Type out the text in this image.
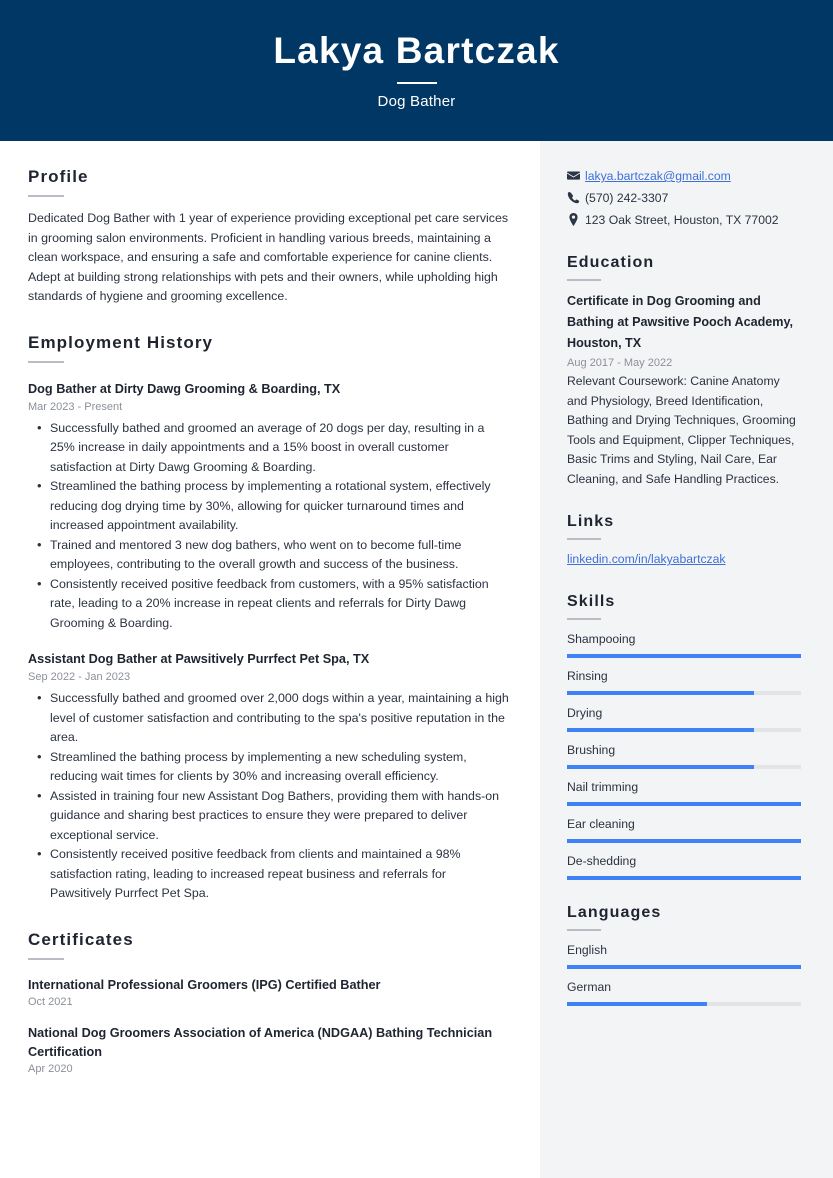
Lakya Bartczak
Dog Bather
Profile
Dedicated Dog Bather with 1 year of experience providing exceptional pet care services in grooming salon environments. Proficient in handling various breeds, maintaining a clean workspace, and ensuring a safe and comfortable experience for canine clients. Adept at building strong relationships with pets and their owners, while upholding high standards of hygiene and grooming excellence.
Employment History
Dog Bather at Dirty Dawg Grooming & Boarding, TX
Mar 2023 - Present
• Successfully bathed and groomed an average of 20 dogs per day, resulting in a 25% increase in daily appointments and a 15% boost in overall customer satisfaction at Dirty Dawg Grooming & Boarding.
• Streamlined the bathing process by implementing a rotational system, effectively reducing dog drying time by 30%, allowing for quicker turnaround times and increased appointment availability.
• Trained and mentored 3 new dog bathers, who went on to become full-time employees, contributing to the overall growth and success of the business.
• Consistently received positive feedback from customers, with a 95% satisfaction rate, leading to a 20% increase in repeat clients and referrals for Dirty Dawg Grooming & Boarding.
Assistant Dog Bather at Pawsitively Purrfect Pet Spa, TX
Sep 2022 - Jan 2023
• Successfully bathed and groomed over 2,000 dogs within a year, maintaining a high level of customer satisfaction and contributing to the spa's positive reputation in the area.
• Streamlined the bathing process by implementing a new scheduling system, reducing wait times for clients by 30% and increasing overall efficiency.
• Assisted in training four new Assistant Dog Bathers, providing them with hands-on guidance and sharing best practices to ensure they were prepared to deliver exceptional service.
• Consistently received positive feedback from clients and maintained a 98% satisfaction rating, leading to increased repeat business and referrals for Pawsitively Purrfect Pet Spa.
Certificates
International Professional Groomers (IPG) Certified Bather
Oct 2021
National Dog Groomers Association of America (NDGAA) Bathing Technician Certification
Apr 2020
lakya.bartczak@gmail.com
(570) 242-3307
123 Oak Street, Houston, TX 77002
Education
Certificate in Dog Grooming and Bathing at Pawsitive Pooch Academy, Houston, TX
Aug 2017 - May 2022
Relevant Coursework: Canine Anatomy and Physiology, Breed Identification, Bathing and Drying Techniques, Grooming Tools and Equipment, Clipper Techniques, Basic Trims and Styling, Nail Care, Ear Cleaning, and Safe Handling Practices.
Links
linkedin.com/in/lakyabartczak
Skills
Shampooing
Rinsing
Drying
Brushing
Nail trimming
Ear cleaning
De-shedding
Languages
English
German
